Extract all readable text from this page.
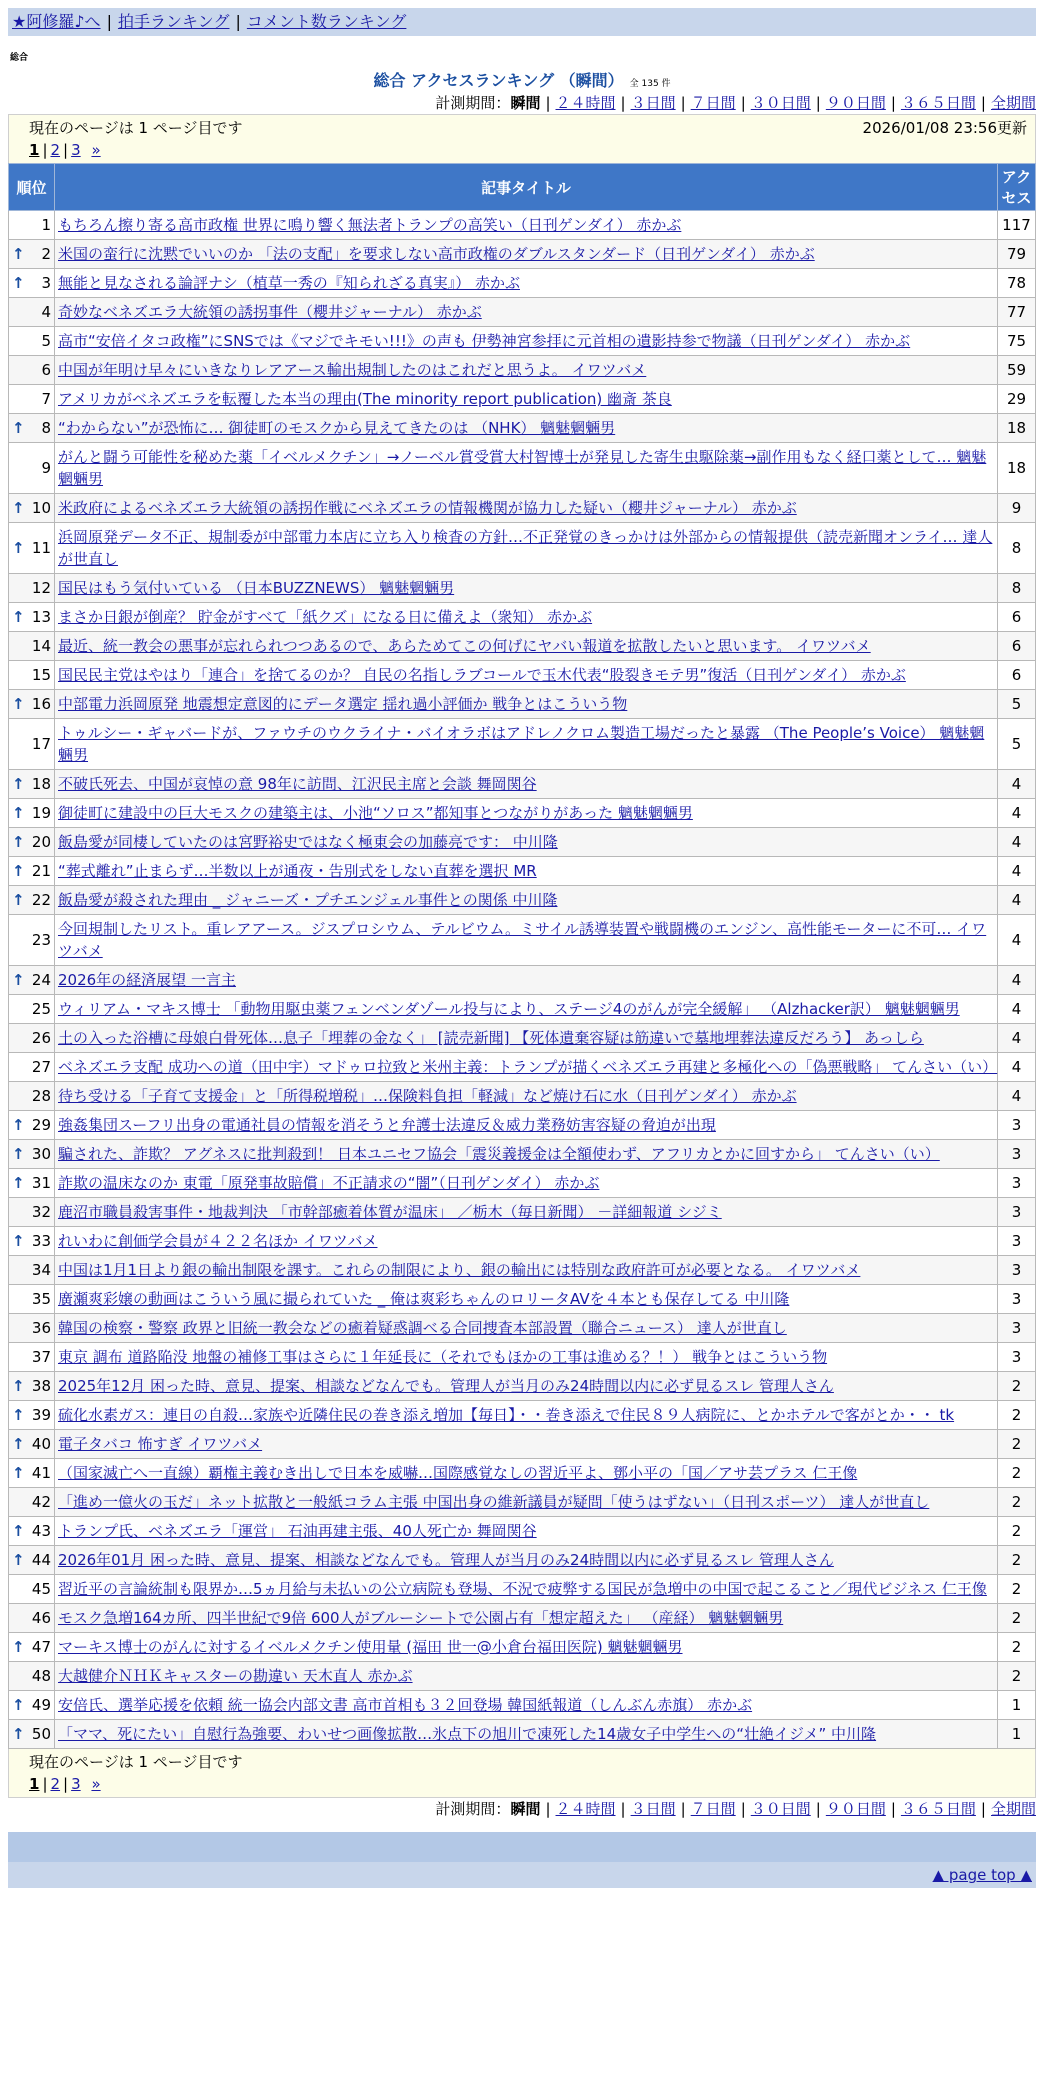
★阿修羅♪へ | 拍手ランキング | コメント数ランキング
総合
総合 アクセスランキング （瞬間） 全 135 件
計測期間：瞬間 | ２４時間 | ３日間 | ７日間 | ３０日間 | ９０日間 | ３６５日間 | 全期間
現在のページは 1 ページ目です	2026/01/08 23:56更新
1 | 2 | 3 »
順位	記事タイトル	アクセス
1	もちろん擦り寄る高市政権 世界に鳴り響く無法者トランプの高笑い（日刊ゲンダイ） 赤かぶ	117

↑ 2	米国の蛮行に沈黙でいいのか 「法の支配」を要求しない高市政権のダブルスタンダード（日刊ゲンダイ） 赤かぶ	79

↑ 3	無能と見なされる論評ナシ（植草一秀の『知られざる真実』） 赤かぶ	78
4	奇妙なベネズエラ大統領の誘拐事件（櫻井ジャーナル） 赤かぶ	77
5	高市“安倍イタコ政権”にSNSでは《マジでキモい!!!》の声も 伊勢神宮参拝に元首相の遺影持参で物議（日刊ゲンダイ） 赤かぶ	75
6	中国が年明け早々にいきなりレアアース輸出規制したのはこれだと思うよ。 イワツバメ	59
7	アメリカがベネズエラを転覆した本当の理由(The minority report publication) 幽斎 茶良	29

↑ 8	“わからない”が恐怖に… 御徒町のモスクから見えてきたのは （NHK） 魑魅魍魎男	18
9	がんと闘う可能性を秘めた薬「イベルメクチン」→ノーベル賞受賞大村智博士が発見した寄生虫駆除薬→副作用もなく経口薬として… 魑魅魍魎男	18

↑ 10	米政府によるベネズエラ大統領の誘拐作戦にベネズエラの情報機関が協力した疑い（櫻井ジャーナル） 赤かぶ	9

↑ 11	浜岡原発データ不正、規制委が中部電力本店に立ち入り検査の方針…不正発覚のきっかけは外部からの情報提供（読売新聞オンライ… 達人が世直し	8
12	国民はもう気付いている （日本BUZZNEWS） 魑魅魍魎男	8

↑ 13	まさか日銀が倒産？ 貯金がすべて「紙クズ」になる日に備えよ（衆知） 赤かぶ	6
14	最近、統一教会の悪事が忘れられつつあるので、あらためてこの何げにヤバい報道を拡散したいと思います。 イワツバメ	6
15	国民民主党はやはり「連合」を捨てるのか？ 自民の名指しラブコールで玉木代表“股裂きモテ男”復活（日刊ゲンダイ） 赤かぶ	6

↑ 16	中部電力浜岡原発 地震想定意図的にデータ選定 揺れ過小評価か 戦争とはこういう物	5
17	トゥルシー・ギャバードが、ファウチのウクライナ・バイオラボはアドレノクロム製造工場だったと暴露 （The People’s Voice） 魑魅魍魎男	5

↑ 18	不破氏死去、中国が哀悼の意 98年に訪問、江沢民主席と会談 舞岡関谷	4

↑ 19	御徒町に建設中の巨大モスクの建築主は、小池“ソロス”都知事とつながりがあった 魑魅魍魎男	4

↑ 20	飯島愛が同棲していたのは宮野裕史ではなく極東会の加藤亮です： 中川隆	4

↑ 21	“葬式離れ”止まらず…半数以上が通夜・告別式をしない直葬を選択 MR	4

↑ 22	飯島愛が殺された理由 _ ジャニーズ・プチエンジェル事件との関係 中川隆	4
23	今回規制したリスト。重レアアース。ジスプロシウム、テルビウム。ミサイル誘導装置や戦闘機のエンジン、高性能モーターに不可… イワツバメ	4

↑ 24	2026年の経済展望 一言主	4
25	ウィリアム・マキス博士 「動物用駆虫薬フェンベンダゾール投与により、ステージ4のがんが完全緩解」 （Alzhacker訳） 魑魅魍魎男	4
26	土の入った浴槽に母娘白骨死体…息子「埋葬の金なく」 [読売新聞] 【死体遺棄容疑は筋違いで墓地埋葬法違反だろう】 あっしら	4
27	ベネズエラ支配 成功への道（田中宇）マドゥロ拉致と米州主義：トランプが描くベネズエラ再建と多極化への「偽悪戦略」 てんさい（い）	4
28	待ち受ける「子育て支援金」と「所得税増税」…保険料負担「軽減」など焼け石に水（日刊ゲンダイ） 赤かぶ	4

↑ 29	強姦集団スーフリ出身の電通社員の情報を消そうと弁護士法違反＆威力業務妨害容疑の脅迫が出現	3

↑ 30	騙された、詐欺？ アグネスに批判殺到！ 日本ユニセフ協会「震災義援金は全額使わず、アフリカとかに回すから」 てんさい（い）	3

↑ 31	詐欺の温床なのか 東電「原発事故賠償」不正請求の“闇”（日刊ゲンダイ） 赤かぶ	3
32	鹿沼市職員殺害事件・地裁判決 「市幹部癒着体質が温床」 ／栃木（毎日新聞） －詳細報道 シジミ	3

↑ 33	れいわに創価学会員が４２２名ほか イワツバメ	3
34	中国は1月1日より銀の輸出制限を課す。これらの制限により、銀の輸出には特別な政府許可が必要となる。 イワツバメ	3
35	廣瀬爽彩嬢の動画はこういう風に撮られていた _ 俺は爽彩ちゃんのロリータAVを４本とも保存してる 中川隆	3
36	韓国の検察・警察 政界と旧統一教会などの癒着疑惑調べる合同捜査本部設置（聯合ニュース） 達人が世直し	3
37	東京 調布 道路陥没 地盤の補修工事はさらに１年延長に（それでもほかの工事は進める？！） 戦争とはこういう物	3

↑ 38	2025年12月 困った時、意見、提案、相談などなんでも。管理人が当月のみ24時間以内に必ず見るスレ 管理人さん	2

↑ 39	硫化水素ガス：連日の自殺…家族や近隣住民の巻き添え増加【毎日】・・巻き添えで住民８９人病院に、とかホテルで客がとか・・ tk	2

↑ 40	電子タバコ 怖すぎ イワツバメ	2

↑ 41	（国家滅亡へ一直線）覇権主義むき出しで日本を威嚇…国際感覚なしの習近平よ、鄧小平の「国／アサ芸プラス 仁王像	2
42	「進め一億火の玉だ」ネット拡散と一般紙コラム主張 中国出身の維新議員が疑問「使うはずない」（日刊スポーツ） 達人が世直し	2

↑ 43	トランプ氏、ベネズエラ「運営」 石油再建主張、40人死亡か 舞岡関谷	2

↑ 44	2026年01月 困った時、意見、提案、相談などなんでも。管理人が当月のみ24時間以内に必ず見るスレ 管理人さん	2
45	習近平の言論統制も限界か…5ヵ月給与未払いの公立病院も登場、不況で疲弊する国民が急増中の中国で起こること／現代ビジネス 仁王像	2
46	モスク急増164カ所、四半世紀で9倍 600人がブルーシートで公園占有「想定超えた」 （産経） 魑魅魍魎男	2

↑ 47	マーキス博士のがんに対するイベルメクチン使用量 (福田 世一@小倉台福田医院) 魑魅魍魎男	2
48	大越健介ＮＨＫキャスターの勘違い 天木直人 赤かぶ	2

↑ 49	安倍氏、選挙応援を依頼 統一協会内部文書 高市首相も３２回登場 韓国紙報道（しんぶん赤旗） 赤かぶ	1

↑ 50	「ママ、死にたい」自慰行為強要、わいせつ画像拡散…氷点下の旭川で凍死した14歳女子中学生への“壮絶イジメ” 中川隆	1
現在のページは 1 ページ目です
1 | 2 | 3 »
計測期間：瞬間 | ２４時間 | ３日間 | ７日間 | ３０日間 | ９０日間 | ３６５日間 | 全期間
▲ page top ▲
